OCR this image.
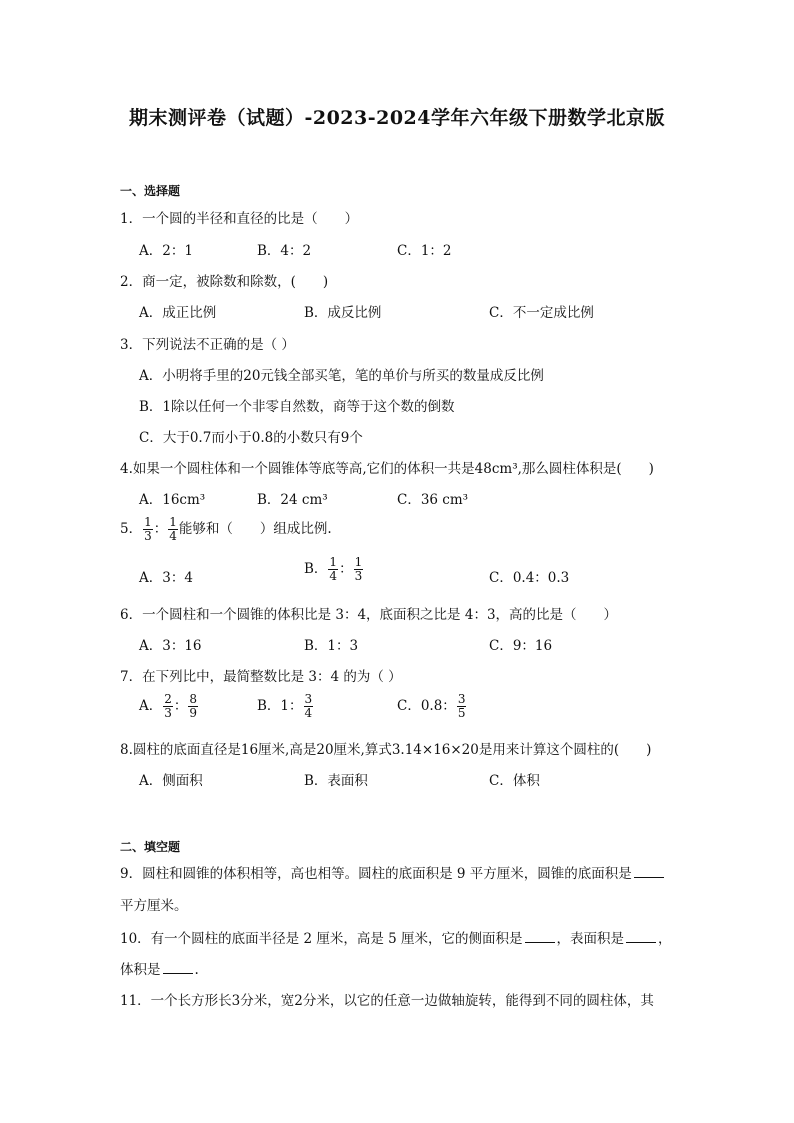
期末测评卷（试题）-2023-2024学年六年级下册数学北京版
一、选择题
1．一个圆的半径和直径的比是（　　）
A．2：1	B．4：2	C．1：2
2．商一定，被除数和除数，(　　)
A．成正比例	B．成反比例	C．不一定成比例
3．下列说法不正确的是（ ）
A．小明将手里的20元钱全部买笔，笔的单价与所买的数量成反比例
B．1除以任何一个非零自然数，商等于这个数的倒数
C．大于0.7而小于0.8的小数只有9个
4.如果一个圆柱体和一个圆锥体等底等高,它们的体积一共是48cm³,那么圆柱体积是(　　)
A．16cm³	B．24 cm³	C．36 cm³
5． $\frac{1}{3}$ ： $\frac{1}{4}$ 能够和（　　）组成比例.
A．3：4
B． $\frac{1}{4}$ ： $\frac{1}{3}$	C．0.4：0.3
6．一个圆柱和一个圆锥的体积比是 3：4，底面积之比是 4：3，高的比是（　　）
A．3：16	B．1：3	C．9：16
7．在下列比中，最简整数比是 3：4 的为（ ）
A． $\frac{2}{3}$ ： $\frac{8}{9}$	B．1： $\frac{3}{4}$	C．0.8： $\frac{3}{5}$
8.圆柱的底面直径是16厘米,高是20厘米,算式3.14×16×20是用来计算这个圆柱的(　　)
A．侧面积	B．表面积	C．体积
二、填空题
9．圆柱和圆锥的体积相等，高也相等。圆柱的底面积是 9 平方厘米，圆锥的底面积是
平方厘米。
10．有一个圆柱的底面半径是 2 厘米，高是 5 厘米，它的侧面积是	，表面积是	，
体积是	.
11．一个长方形长3分米，宽2分米，以它的任意一边做轴旋转，能得到不同的圆柱体，其
